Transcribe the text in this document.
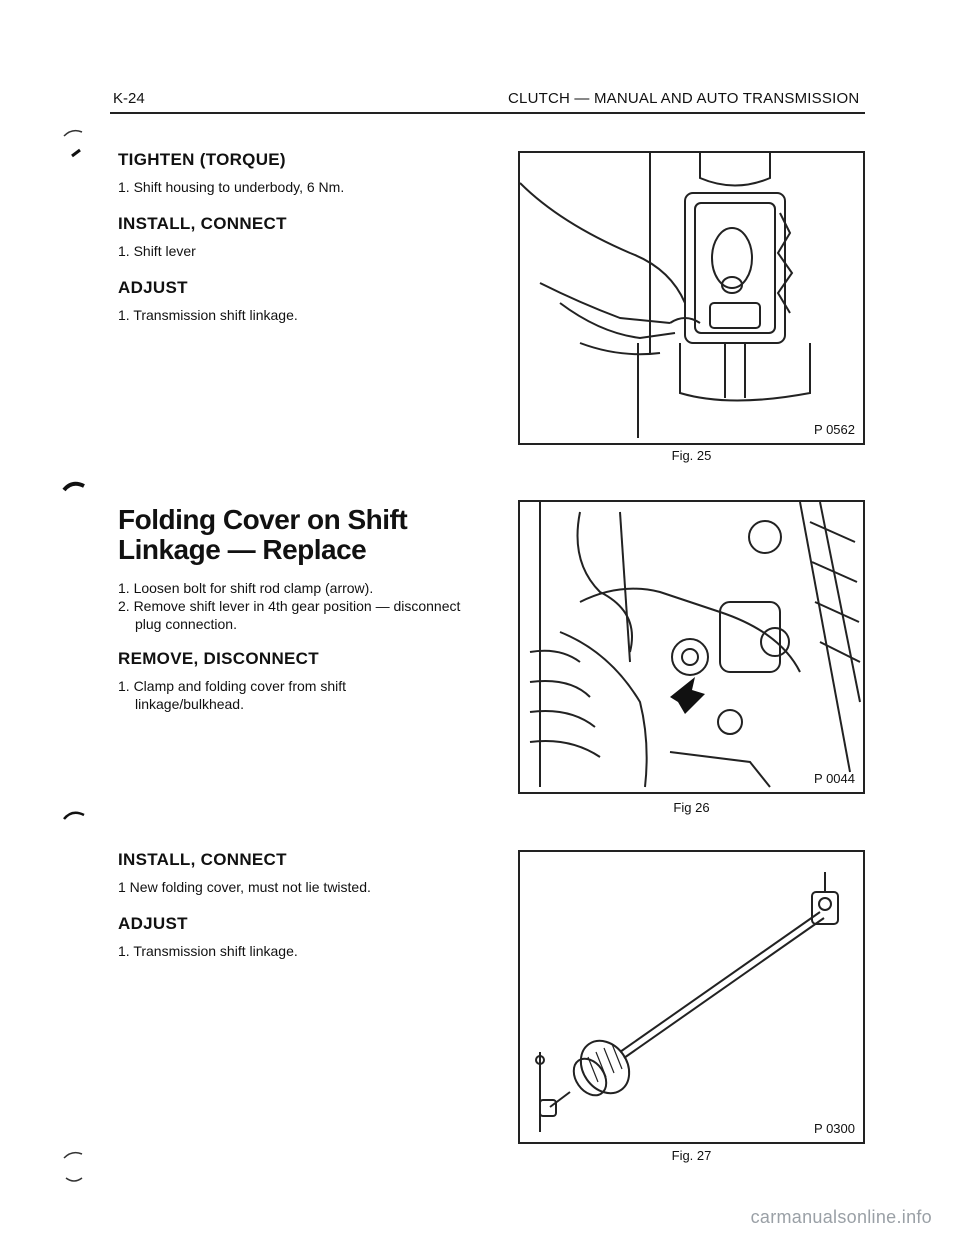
K-24	CLUTCH — MANUAL AND AUTO TRANSMISSION
TIGHTEN (TORQUE)
1. Shift housing to underbody, 6 Nm.
INSTALL, CONNECT
1. Shift lever
ADJUST
1. Transmission shift linkage.
Folding Cover on Shift
Linkage — Replace
1. Loosen bolt for shift rod clamp (arrow).
2. Remove shift lever in 4th gear position — disconnect plug connection.
REMOVE, DISCONNECT
1. Clamp and folding cover from shift linkage/bulkhead.
INSTALL, CONNECT
1 New folding cover, must not lie twisted.
ADJUST
1. Transmission shift linkage.
P 0562
Fig. 25
P 0044
Fig 26
P 0300
Fig. 27
carmanualsonline.info
